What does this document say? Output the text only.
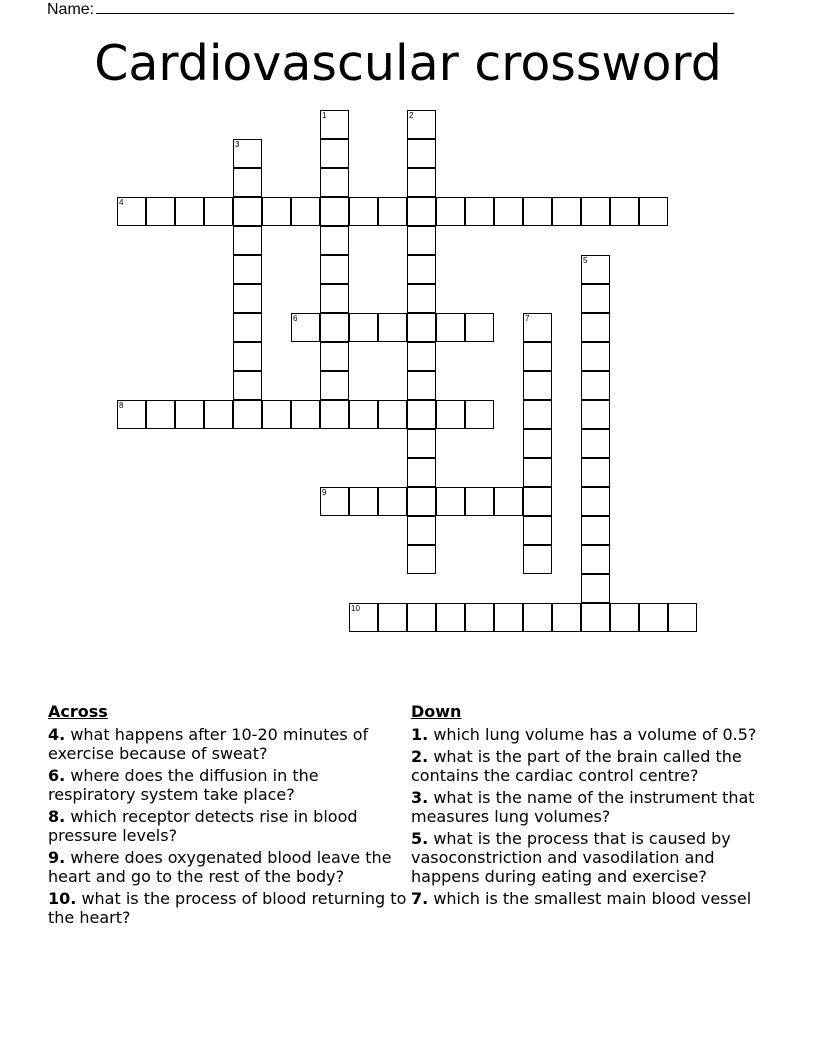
Name:
Cardiovascular crossword
1	2
3
4
5
6	7
8
9
10
Across
4. what happens after 10-20 minutes of exercise because of sweat?
6. where does the diffusion in the respiratory system take place?
8. which receptor detects rise in blood pressure levels?
9. where does oxygenated blood leave the heart and go to the rest of the body?
10. what is the process of blood returning to the heart?
Down
1. which lung volume has a volume of 0.5?
2. what is the part of the brain called the contains the cardiac control centre?
3. what is the name of the instrument that measures lung volumes?
5. what is the process that is caused by vasoconstriction and vasodilation and happens during eating and exercise?
7. which is the smallest main blood vessel
